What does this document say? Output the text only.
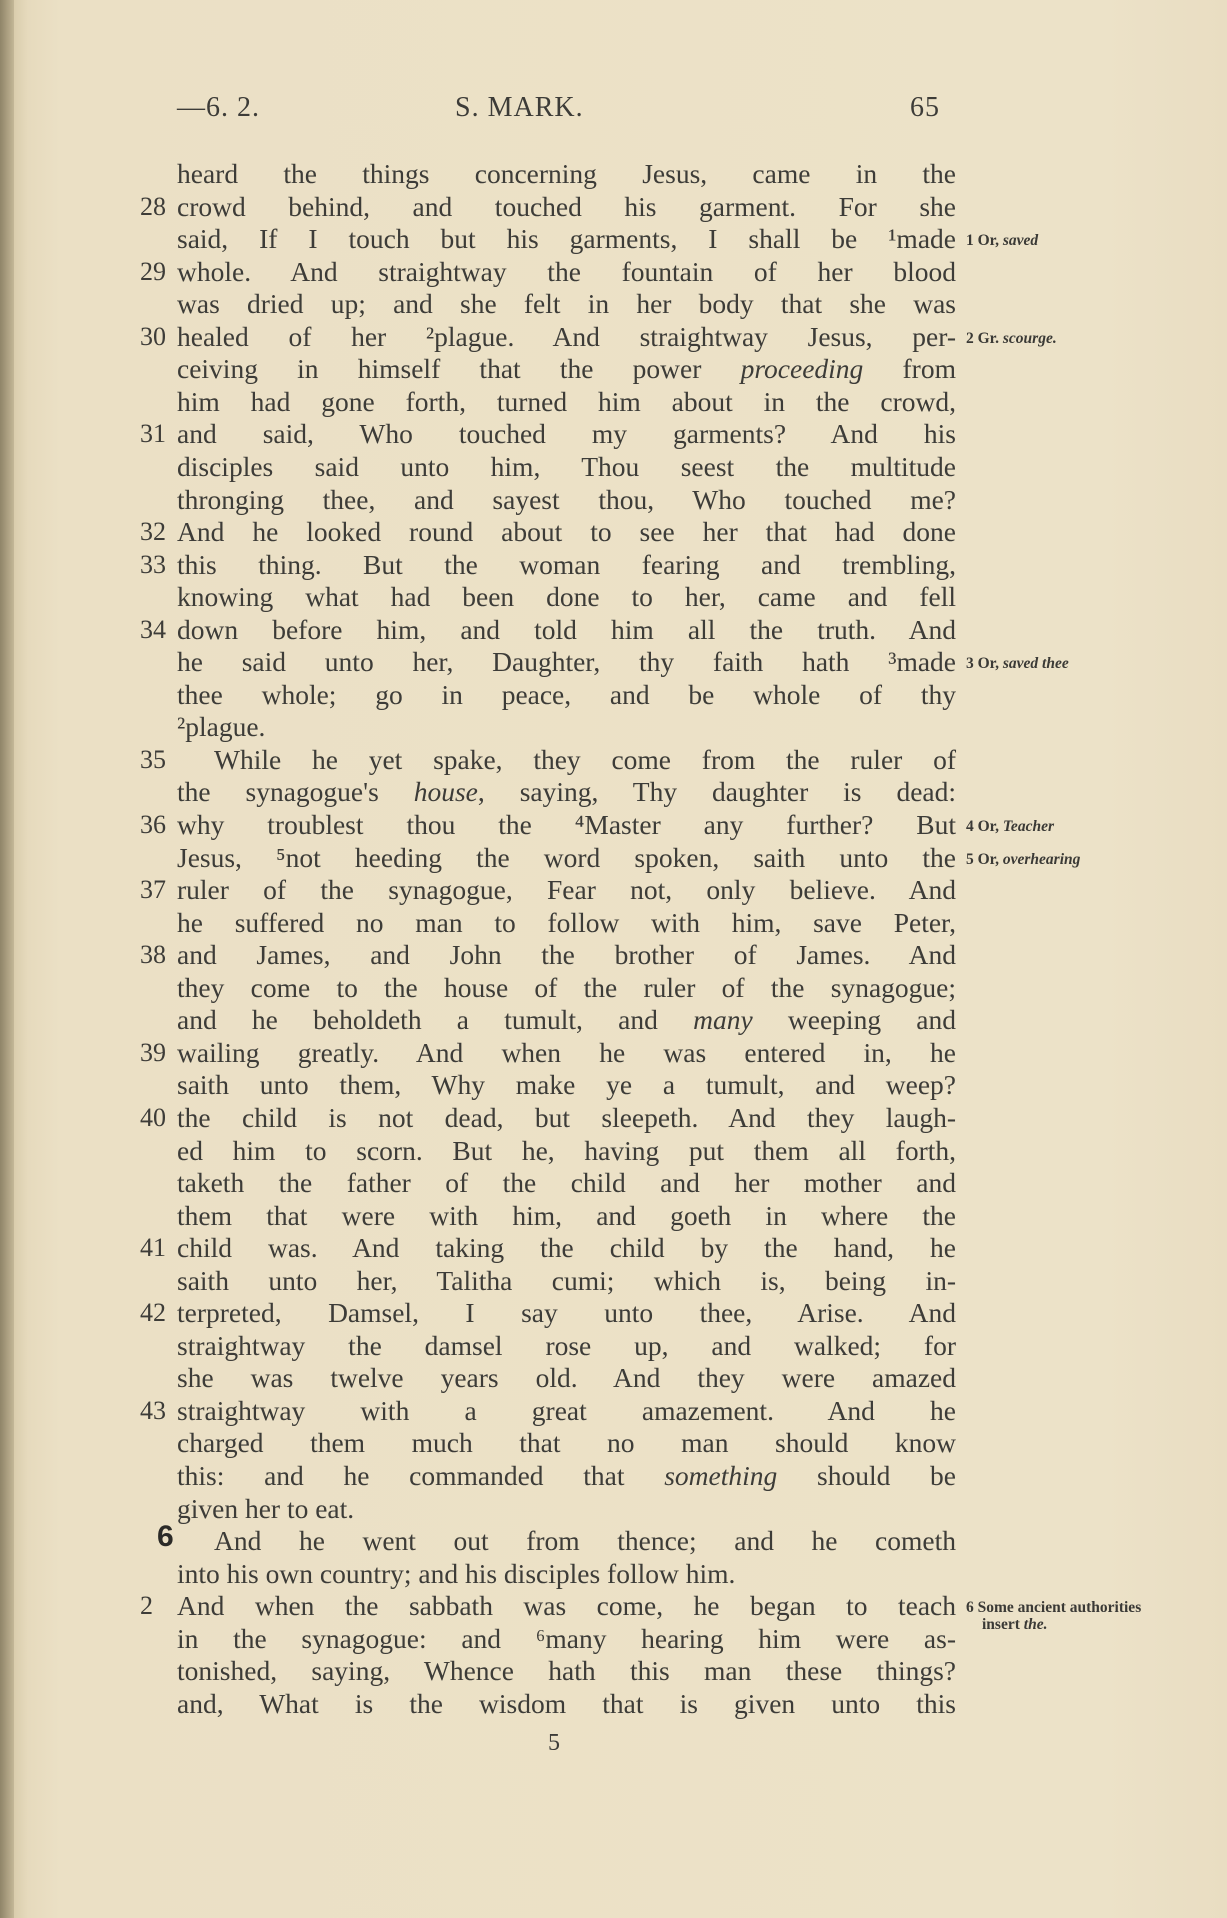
—6. 2.	S. MARK.	65
heard the things concerning Jesus, came in the
28 crowd behind, and touched his garment. For she
said, If I touch but his garments, I shall be ¹made
29 whole. And straightway the fountain of her blood
was dried up; and she felt in her body that she was
30 healed of her ²plague. And straightway Jesus, per-
ceiving in himself that the power proceeding from
him had gone forth, turned him about in the crowd,
31 and said, Who touched my garments? And his
disciples said unto him, Thou seest the multitude
thronging thee, and sayest thou, Who touched me?
32 And he looked round about to see her that had done
33 this thing. But the woman fearing and trembling,
knowing what had been done to her, came and fell
34 down before him, and told him all the truth. And
he said unto her, Daughter, thy faith hath ³made
thee whole; go in peace, and be whole of thy
²plague.
35 While he yet spake, they come from the ruler of
the synagogue's house, saying, Thy daughter is dead:
36 why troublest thou the ⁴Master any further? But
Jesus, ⁵not heeding the word spoken, saith unto the
37 ruler of the synagogue, Fear not, only believe. And
he suffered no man to follow with him, save Peter,
38 and James, and John the brother of James. And
they come to the house of the ruler of the synagogue;
and he beholdeth a tumult, and many weeping and
39 wailing greatly. And when he was entered in, he
saith unto them, Why make ye a tumult, and weep?
40 the child is not dead, but sleepeth. And they laugh-
ed him to scorn. But he, having put them all forth,
taketh the father of the child and her mother and
them that were with him, and goeth in where the
41 child was. And taking the child by the hand, he
saith unto her, Talitha cumi; which is, being in-
42 terpreted, Damsel, I say unto thee, Arise. And
straightway the damsel rose up, and walked; for
she was twelve years old. And they were amazed
43 straightway with a great amazement. And he
charged them much that no man should know
this: and he commanded that something should be
given her to eat.
6 And he went out from thence; and he cometh
into his own country; and his disciples follow him.
2 And when the sabbath was come, he began to teach
in the synagogue: and ⁶many hearing him were as-
tonished, saying, Whence hath this man these things?
and, What is the wisdom that is given unto this
1 Or, saved
2 Gr. scourge.
3 Or, saved thee
4 Or, Teacher
5 Or, overhearing
6 Some ancient authorities insert the.
5
